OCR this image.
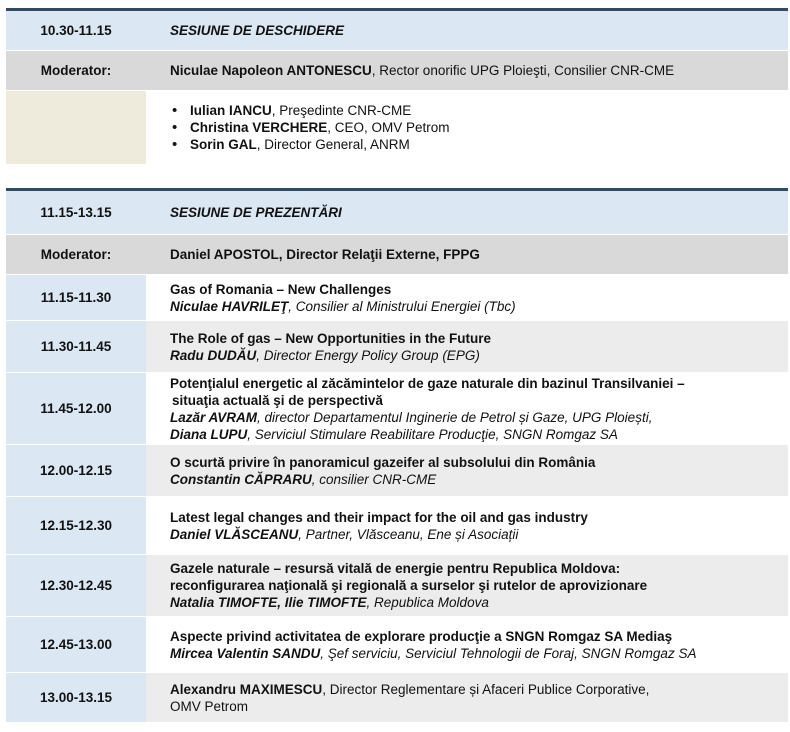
10.30-11.15	SESIUNE DE DESCHIDERE
Moderator:	Niculae Napoleon ANTONESCU, Rector onorific UPG Ploieşti, Consilier CNR-CME
• Iulian IANCU, Preşedinte CNR-CME
• Christina VERCHERE, CEO, OMV Petrom
• Sorin GAL, Director General, ANRM
11.15-13.15	SESIUNE DE PREZENTĂRI
Moderator:	Daniel APOSTOL, Director Relaţii Externe, FPPG
11.15-11.30
Gas of Romania – New Challenges
Niculae HAVRILEŢ, Consilier al Ministrului Energiei (Tbc)
11.30-11.45
The Role of gas – New Opportunities in the Future
Radu DUDĂU, Director Energy Policy Group (EPG)
11.45-12.00
Potenţialul energetic al zăcămintelor de gaze naturale din bazinul Transilvaniei –
situaţia actuală şi de perspectivă
Lazăr AVRAM, director Departamentul Inginerie de Petrol și Gaze, UPG Ploiești,
Diana LUPU, Serviciul Stimulare Reabilitare Producţie, SNGN Romgaz SA
12.00-12.15
O scurtă privire în panoramicul gazeifer al subsolului din România
Constantin CĂPRARU, consilier CNR-CME
12.15-12.30
Latest legal changes and their impact for the oil and gas industry
Daniel VLĂSCEANU, Partner, Vlăsceanu, Ene și Asociații
12.30-12.45
Gazele naturale – resursă vitală de energie pentru Republica Moldova:
reconfigurarea naţională şi regională a surselor şi rutelor de aprovizionare
Natalia TIMOFTE, Ilie TIMOFTE, Republica Moldova
12.45-13.00
Aspecte privind activitatea de explorare producţie a SNGN Romgaz SA Mediaş
Mircea Valentin SANDU, Şef serviciu, Serviciul Tehnologii de Foraj, SNGN Romgaz SA
13.00-13.15
Alexandru MAXIMESCU, Director Reglementare și Afaceri Publice Corporative,
OMV Petrom
